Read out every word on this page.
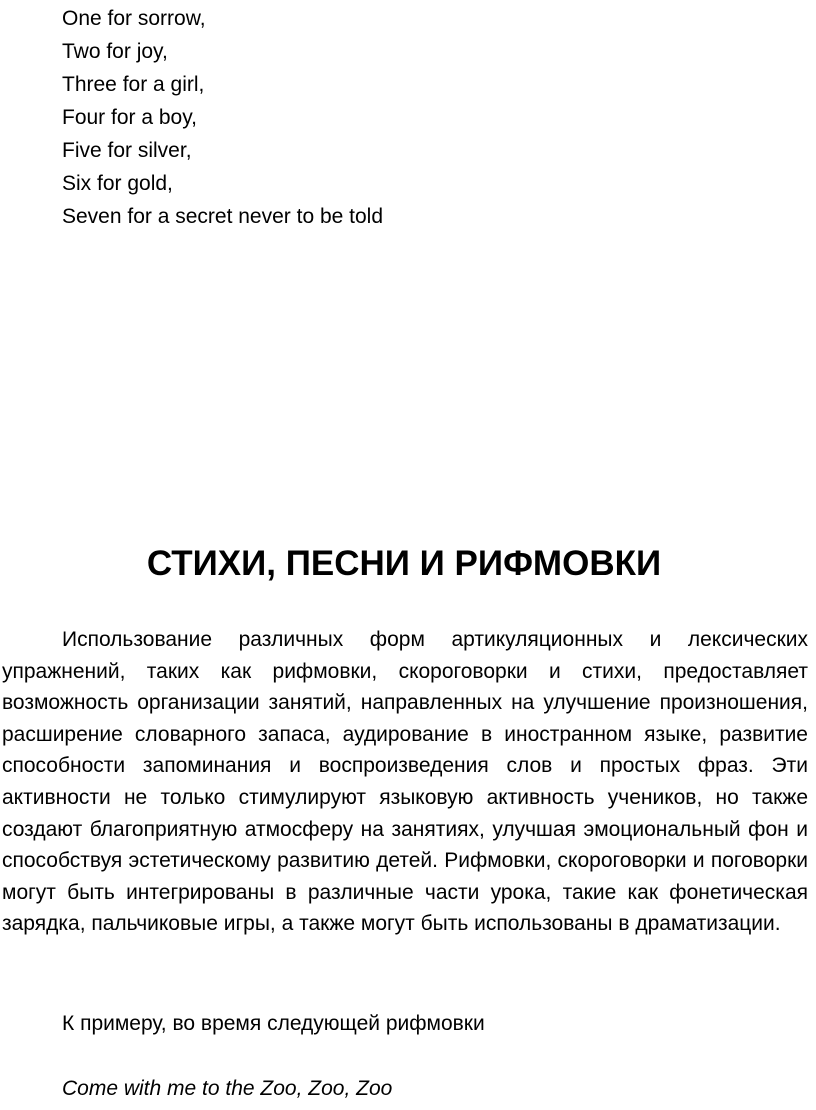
One for sorrow,
Two for joy,
Three for a girl,
Four for a boy,
Five for silver,
Six for gold,
Seven for a secret never to be told
СТИХИ, ПЕСНИ И РИФМОВКИ

Использование различных форм артикуляционных и лексических упражнений, таких как рифмовки, скороговорки и стихи, предоставляет возможность организации занятий, направленных на улучшение произношения, расширение словарного запаса, аудирование в иностранном языке, развитие способности запоминания и воспроизведения слов и простых фраз. Эти активности не только стимулируют языковую активность учеников, но также создают благоприятную атмосферу на занятиях, улучшая эмоциональный фон и способствуя эстетическому развитию детей. Рифмовки, скороговорки и поговорки могут быть интегрированы в различные части урока, такие как фонетическая зарядка, пальчиковые игры, а также могут быть использованы в драматизации.

К примеру, во время следующей рифмовки

Come with me to the Zoo, Zoo, Zoo
